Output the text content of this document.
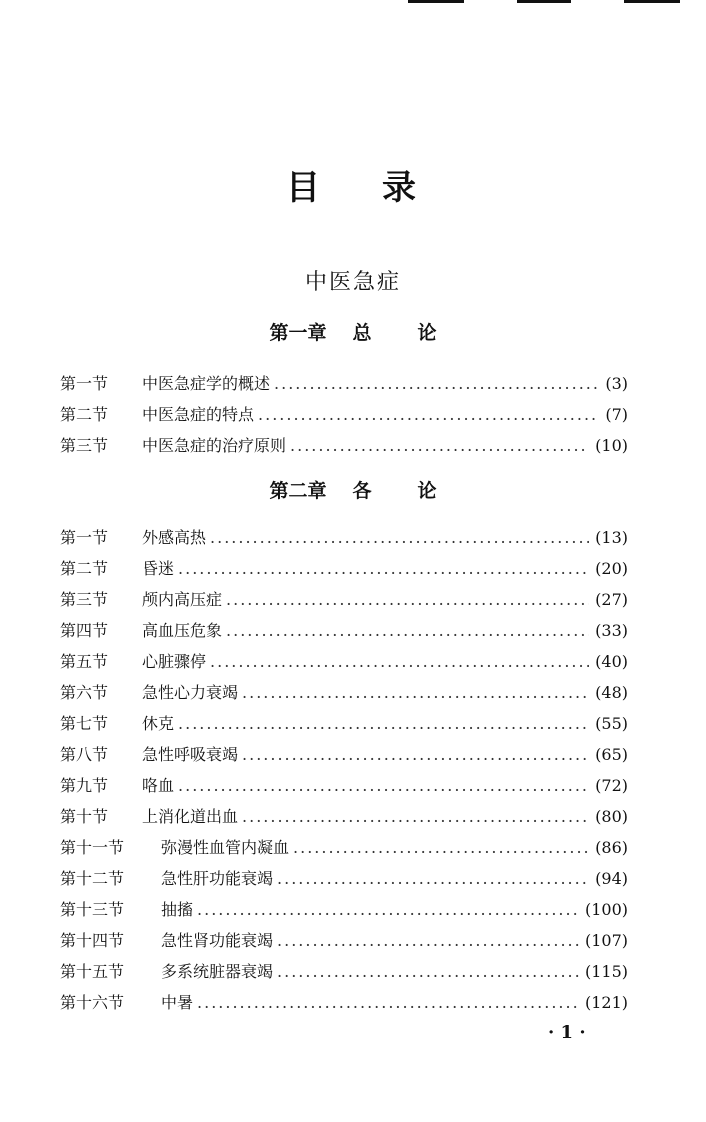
目 录
中医急症
第一章 总 论
第一节	中医急症学的概述 .....	(3)
第二节	中医急症的特点 .....	(7)
第三节	中医急症的治疗原则 .....	(10)
第二章 各 论
第一节	外感高热 .....	(13)
第二节	昏迷 .....	(20)
第三节	颅内高压症 .....	(27)
第四节	高血压危象 .....	(33)
第五节	心脏骤停 .....	(40)
第六节	急性心力衰竭 .....	(48)
第七节	休克 .....	(55)
第八节	急性呼吸衰竭 .....	(65)
第九节	咯血 .....	(72)
第十节	上消化道出血 .....	(80)
第十一节	弥漫性血管内凝血 .....	(86)
第十二节	急性肝功能衰竭 .....	(94)
第十三节	抽搐 .....	(100)
第十四节	急性肾功能衰竭 .....	(107)
第十五节	多系统脏器衰竭 .....	(115)
第十六节	中暑 .....	(121)
· 1 ·
